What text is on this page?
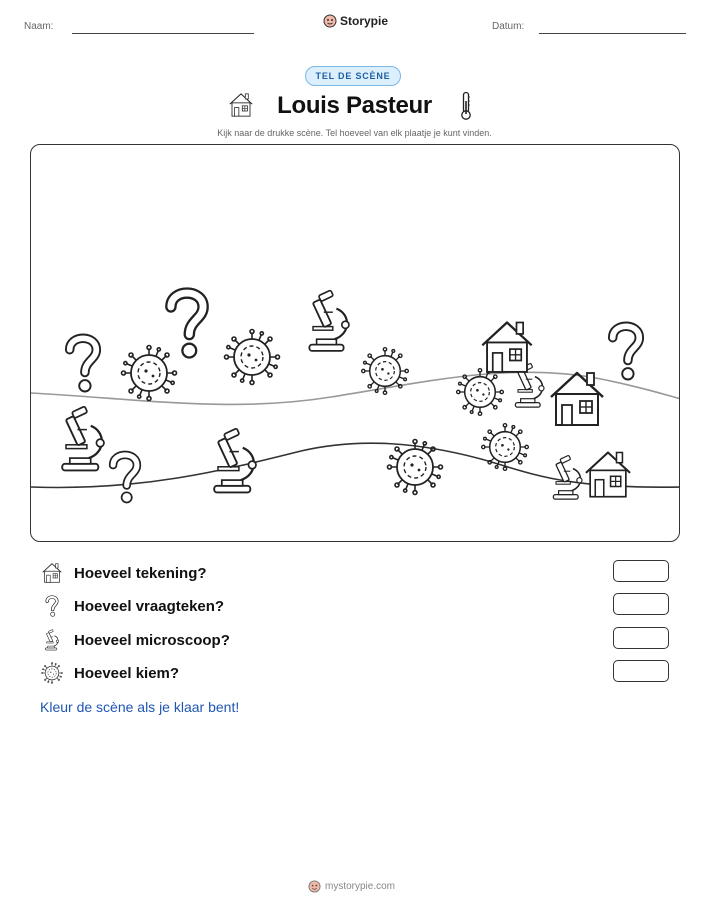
Naam:	Storypie	Datum:
TEL DE SCÈNE
Louis Pasteur
Kijk naar de drukke scène. Tel hoeveel van elk plaatje je kunt vinden.
Hoeveel tekening?
Hoeveel vraagteken?
Hoeveel microscoop?
Hoeveel kiem?
Kleur de scène als je klaar bent!
mystorypie.com
